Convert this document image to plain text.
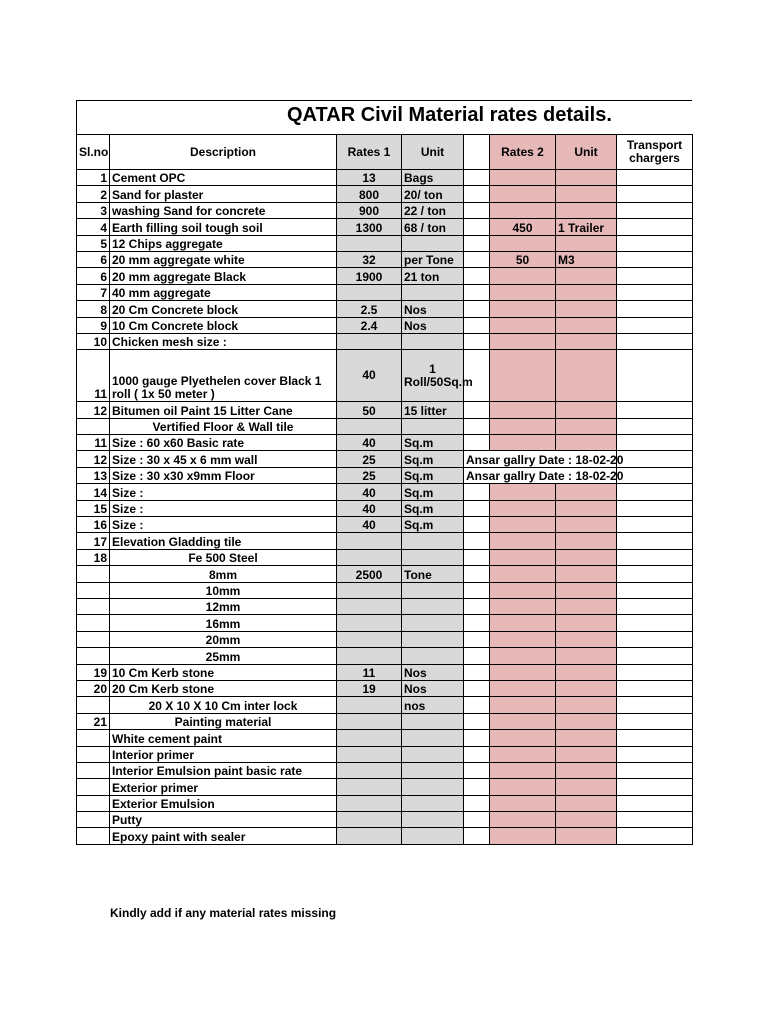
QATAR Civil Material rates details.
Sl.no	Description	Rates 1	Unit		Rates 2	Unit	Transport chargers
1	Cement OPC	13	Bags				
2	Sand for plaster	800	20/ ton				
3	washing Sand for concrete	900	22 / ton				
4	Earth filling soil tough soil	1300	68 / ton		450	1 Trailer	
5	12 Chips aggregate						
6	20 mm aggregate white	32	per Tone		50	M3	
6	20 mm aggregate Black	1900	21 ton				
7	40 mm aggregate						
8	20 Cm Concrete block	2.5	Nos				
9	10 Cm Concrete block	2.4	Nos				
10	Chicken mesh size :						
11	1000 gauge Plyethelen cover Black 1 roll ( 1x 50 meter )	40	1 Roll/50Sq.m				
12	Bitumen oil Paint 15 Litter Cane	50	15 litter				
	Vertified Floor & Wall tile						
11	Size : 60 x60 Basic rate	40	Sq.m				
12	Size : 30 x 45 x 6 mm wall	25	Sq.m	Ansar gallry Date : 18-02-20			
13	Size : 30 x30 x9mm Floor	25	Sq.m	Ansar gallry Date : 18-02-20			
14	Size :	40	Sq.m				
15	Size :	40	Sq.m				
16	Size :	40	Sq.m				
17	Elevation Gladding tile						
18	Fe 500 Steel						
	8mm	2500	Tone				
	10mm						
	12mm						
	16mm						
	20mm						
	25mm						
19	10 Cm Kerb stone	11	Nos				
20	20 Cm Kerb stone	19	Nos				
	20 X 10 X 10 Cm inter lock		nos				
21	Painting material						
	White cement paint						
	Interior primer						
	Interior Emulsion paint basic rate						
	Exterior primer						
	Exterior Emulsion						
	Putty						
	Epoxy paint with sealer						
Kindly add if any material rates missing
